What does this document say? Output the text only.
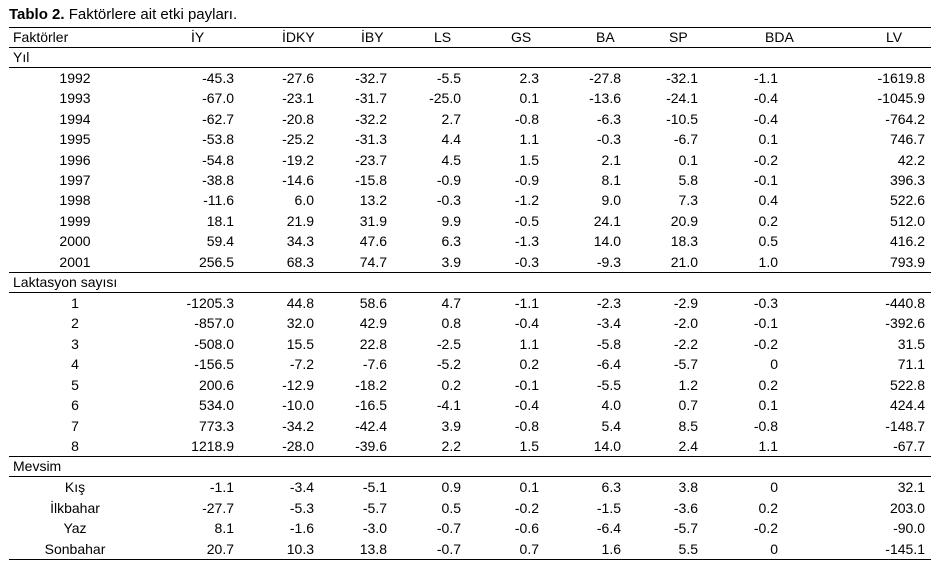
Tablo 2. Faktörlere ait etki payları.
Faktörler	İY	İDKY	İBY	LS	GS	BA	SP	BDA	LV
Yıl									
1992	-45.3	-27.6	-32.7	-5.5	2.3	-27.8	-32.1	-1.1	-1619.8
1993	-67.0	-23.1	-31.7	-25.0	0.1	-13.6	-24.1	-0.4	-1045.9
1994	-62.7	-20.8	-32.2	2.7	-0.8	-6.3	-10.5	-0.4	-764.2
1995	-53.8	-25.2	-31.3	4.4	1.1	-0.3	-6.7	0.1	746.7
1996	-54.8	-19.2	-23.7	4.5	1.5	2.1	0.1	-0.2	42.2
1997	-38.8	-14.6	-15.8	-0.9	-0.9	8.1	5.8	-0.1	396.3
1998	-11.6	6.0	13.2	-0.3	-1.2	9.0	7.3	0.4	522.6
1999	18.1	21.9	31.9	9.9	-0.5	24.1	20.9	0.2	512.0
2000	59.4	34.3	47.6	6.3	-1.3	14.0	18.3	0.5	416.2
2001	256.5	68.3	74.7	3.9	-0.3	-9.3	21.0	1.0	793.9
Laktasyon sayısı									
1	-1205.3	44.8	58.6	4.7	-1.1	-2.3	-2.9	-0.3	-440.8
2	-857.0	32.0	42.9	0.8	-0.4	-3.4	-2.0	-0.1	-392.6
3	-508.0	15.5	22.8	-2.5	1.1	-5.8	-2.2	-0.2	31.5
4	-156.5	-7.2	-7.6	-5.2	0.2	-6.4	-5.7	0	71.1
5	200.6	-12.9	-18.2	0.2	-0.1	-5.5	1.2	0.2	522.8
6	534.0	-10.0	-16.5	-4.1	-0.4	4.0	0.7	0.1	424.4
7	773.3	-34.2	-42.4	3.9	-0.8	5.4	8.5	-0.8	-148.7
8	1218.9	-28.0	-39.6	2.2	1.5	14.0	2.4	1.1	-67.7
Mevsim									
Kış	-1.1	-3.4	-5.1	0.9	0.1	6.3	3.8	0	32.1
İlkbahar	-27.7	-5.3	-5.7	0.5	-0.2	-1.5	-3.6	0.2	203.0
Yaz	8.1	-1.6	-3.0	-0.7	-0.6	-6.4	-5.7	-0.2	-90.0
Sonbahar	20.7	10.3	13.8	-0.7	0.7	1.6	5.5	0	-145.1
